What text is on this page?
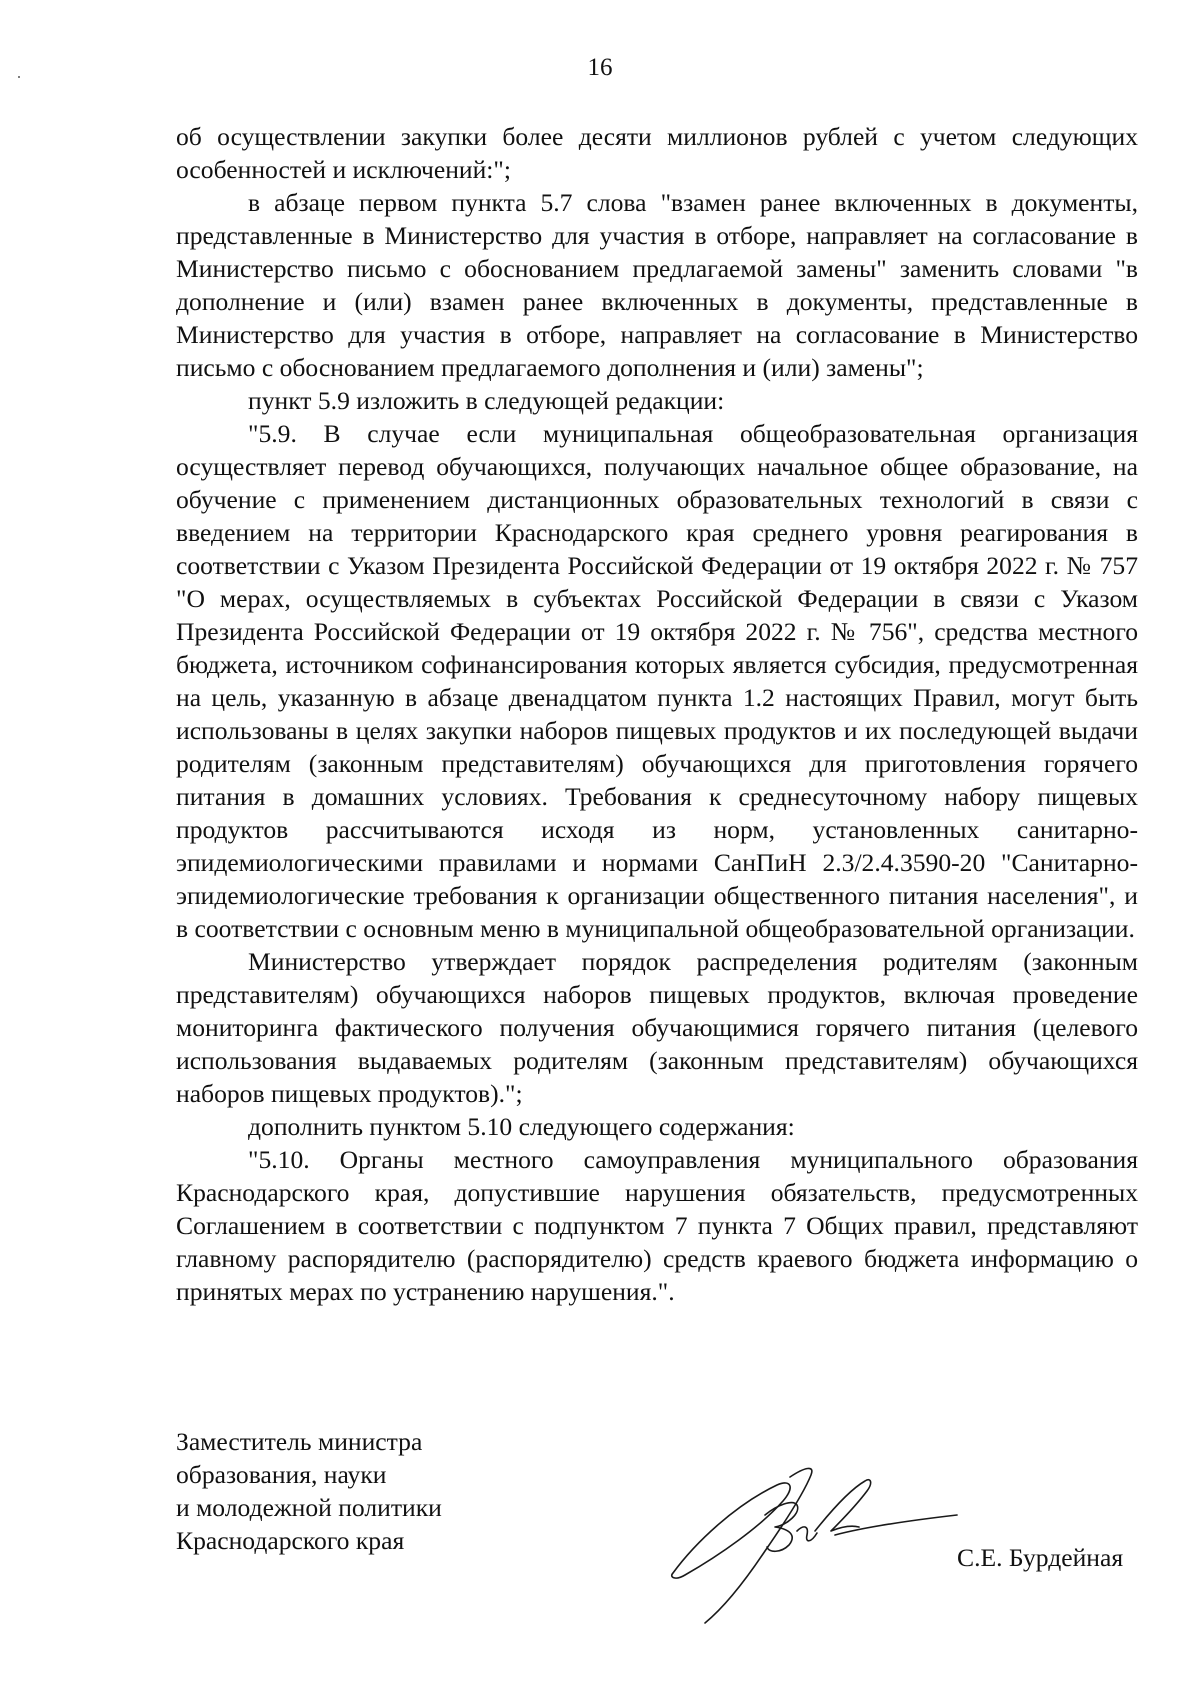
16

об осуществлении закупки более десяти миллионов рублей с учетом следующих особенностей и исключений:";

в абзаце первом пункта 5.7 слова "взамен ранее включенных в документы, представленные в Министерство для участия в отборе, направляет на согласование в Министерство письмо с обоснованием предлагаемой замены" заменить словами "в дополнение и (или) взамен ранее включенных в документы, представленные в Министерство для участия в отборе, направляет на согласование в Министерство письмо с обоснованием предлагаемого дополнения и (или) замены";

пункт 5.9 изложить в следующей редакции:

"5.9. В случае если муниципальная общеобразовательная организация осуществляет перевод обучающихся, получающих начальное общее образование, на обучение с применением дистанционных образовательных технологий в связи с введением на территории Краснодарского края среднего уровня реагирования в соответствии с Указом Президента Российской Федерации от 19 октября 2022 г. № 757 "О мерах, осуществляемых в субъектах Российской Федерации в связи с Указом Президента Российской Федерации от 19 октября 2022 г. № 756", средства местного бюджета, источником софинансирования которых является субсидия, предусмотренная на цель, указанную в абзаце двенадцатом пункта 1.2 настоящих Правил, могут быть использованы в целях закупки наборов пищевых продуктов и их последующей выдачи родителям (законным представителям) обучающихся для приготовления горячего питания в домашних условиях. Требования к среднесуточному набору пищевых продуктов рассчитываются исходя из норм, установленных санитарно-эпидемиологическими правилами и нормами СанПиН 2.3/2.4.3590-20 "Санитарно-эпидемиологические требования к организации общественного питания населения", и в соответствии с основным меню в муниципальной общеобразовательной организации.

Министерство утверждает порядок распределения родителям (законным представителям) обучающихся наборов пищевых продуктов, включая проведение мониторинга фактического получения обучающимися горячего питания (целевого использования выдаваемых родителям (законным представителям) обучающихся наборов пищевых продуктов).";

дополнить пунктом 5.10 следующего содержания:

"5.10. Органы местного самоуправления муниципального образования Краснодарского края, допустившие нарушения обязательств, предусмотренных Соглашением в соответствии с подпунктом 7 пункта 7 Общих правил, представляют главному распорядителю (распорядителю) средств краевого бюджета информацию о принятых мерах по устранению нарушения.".

Заместитель министра
образования, науки
и молодежной политики
Краснодарского края
С.Е. Бурдейная
